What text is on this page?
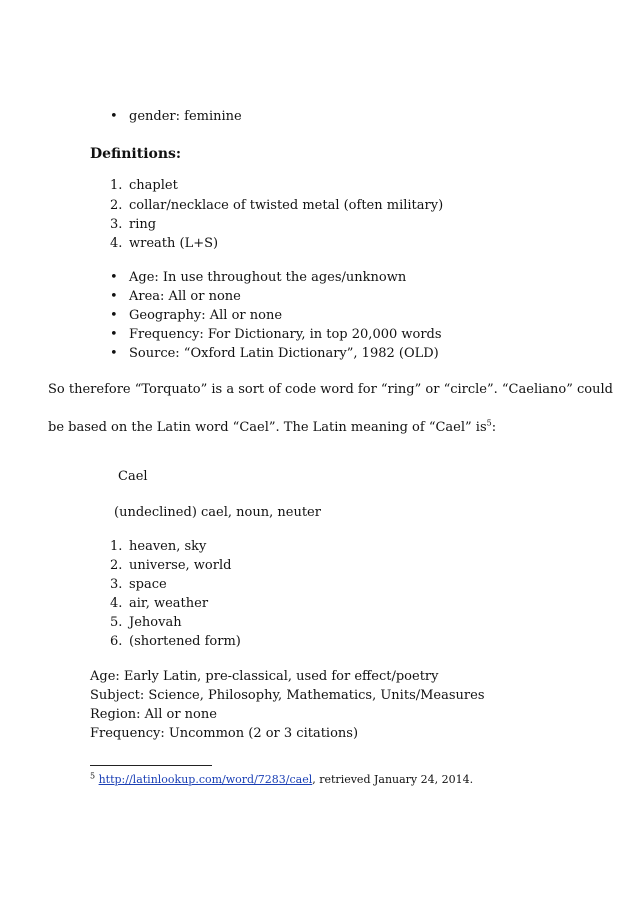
• gender: feminine
Definitions:
1. chaplet
2. collar/necklace of twisted metal (often military)
3. ring
4. wreath (L+S)
• Age: In use throughout the ages/unknown
• Area: All or none
• Geography: All or none
• Frequency: For Dictionary, in top 20,000 words
• Source: “Oxford Latin Dictionary”, 1982 (OLD)
So therefore “Torquato” is a sort of code word for “ring” or “circle”. “Caeliano” could
be based on the Latin word “Cael”. The Latin meaning of “Cael” $is^5$:
Cael
(undeclined) cael, noun, neuter
1. heaven, sky
2. universe, world
3. space
4. air, weather
5. Jehovah
6. (shortened form)
Age: Early Latin, pre-classical, used for effect/poetry
Subject: Science, Philosophy, Mathematics, Units/Measures
Region: All or none
Frequency: Uncommon (2 or 3 citations)
$^5$ http://latinlookup.com/word/7283/cael, retrieved January 24, 2014.
